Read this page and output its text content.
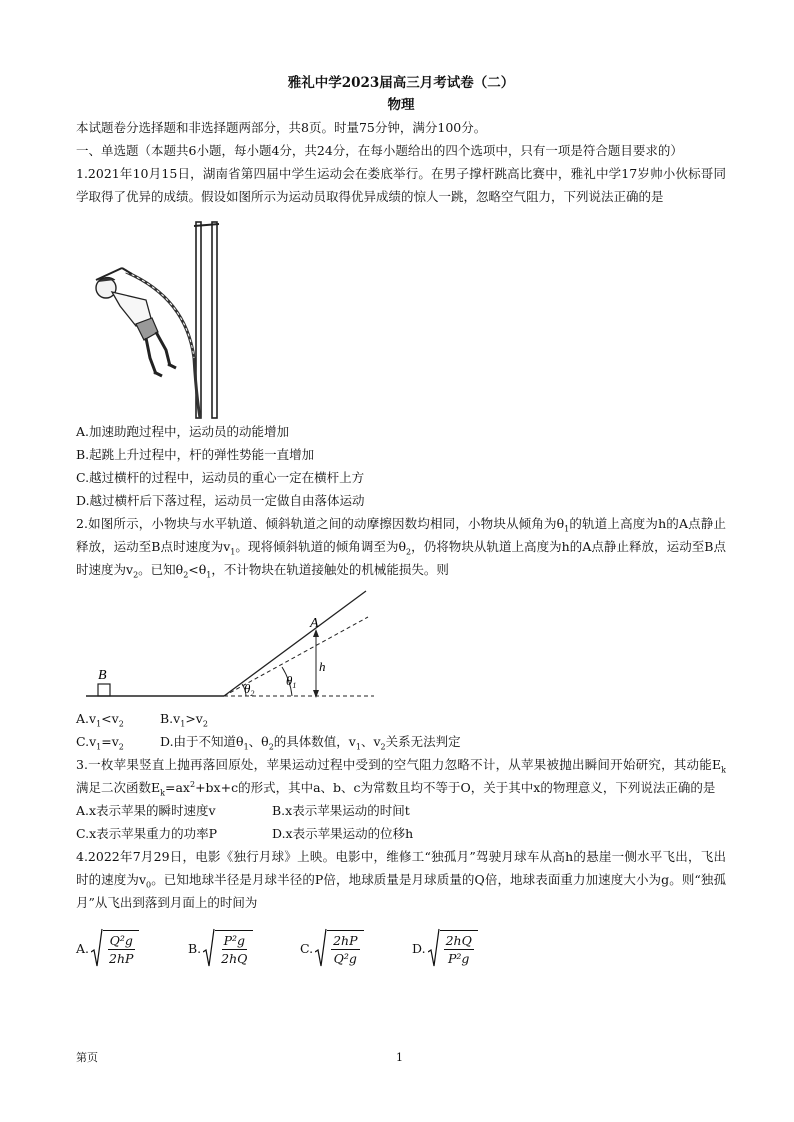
雅礼中学2023届高三月考试卷（二）
物理
本试题卷分选择题和非选择题两部分，共8页。时量75分钟，满分100分。
一、单选题（本题共6小题，每小题4分，共24分，在每小题给出的四个选项中，只有一项是符合题目要求的）
1.2021年10月15日，湖南省第四届中学生运动会在娄底举行。在男子撑杆跳高比赛中，雅礼中学17岁帅小伙标哥同学取得了优异的成绩。假设如图所示为运动员取得优异成绩的惊人一跳，忽略空气阻力，下列说法正确的是
A.加速助跑过程中，运动员的动能增加
B.起跳上升过程中，杆的弹性势能一直增加
C.越过横杆的过程中，运动员的重心一定在横杆上方
D.越过横杆后下落过程，运动员一定做自由落体运动
2.如图所示，小物块与水平轨道、倾斜轨道之间的动摩擦因数均相同，小物块从倾角为$\theta_1$的轨道上高度为h的A点静止释放，运动至B点时速度为$v_1$。现将倾斜轨道的倾角调至为$\theta_2$，仍将物块从轨道上高度为h的A点静止释放，运动至B点时速度为$v_2$。已知$\theta_2<\theta_1$，不计物块在轨道接触处的机械能损失。则
B
A
h
$\theta_2$
$\theta_1$
$A.v_1<v_2$	$B.v_1>v_2$
$C.v_1=v_2$	D.由于不知道$\theta_1$、$\theta_2$的具体数值，$v_1$、$v_2$关系无法判定
3.一枚苹果竖直上抛再落回原处，苹果运动过程中受到的空气阻力忽略不计，从苹果被抛出瞬间开始研究，其动能$E_k$满足二次函数$E_k=ax^2+bx+c$的形式，其中a、b、c为常数且均不等于O，关于其中x的物理意义，下列说法正确的是
A.x表示苹果的瞬时速度v	B.x表示苹果运动的时间t
C.x表示苹果重力的功率P	D.x表示苹果运动的位移h
4.2022年7月29日，电影《独行月球》上映。电影中，维修工“独孤月”驾驶月球车从高h的悬崖一侧水平飞出，飞出时的速度为$v_0$。已知地球半径是月球半径的P倍，地球质量是月球质量的Q倍，地球表面重力加速度大小为g。则“独孤月”从飞出到落到月面上的时间为
A. $\frac{\text{Q²g}}{2hP}$	B. $\frac{\text{P²g}}{2hQ}$	C. $\frac{2hP}{\text{Q²g}}$	D. $\frac{2hQ}{\text{P²g}}$
第页	1
